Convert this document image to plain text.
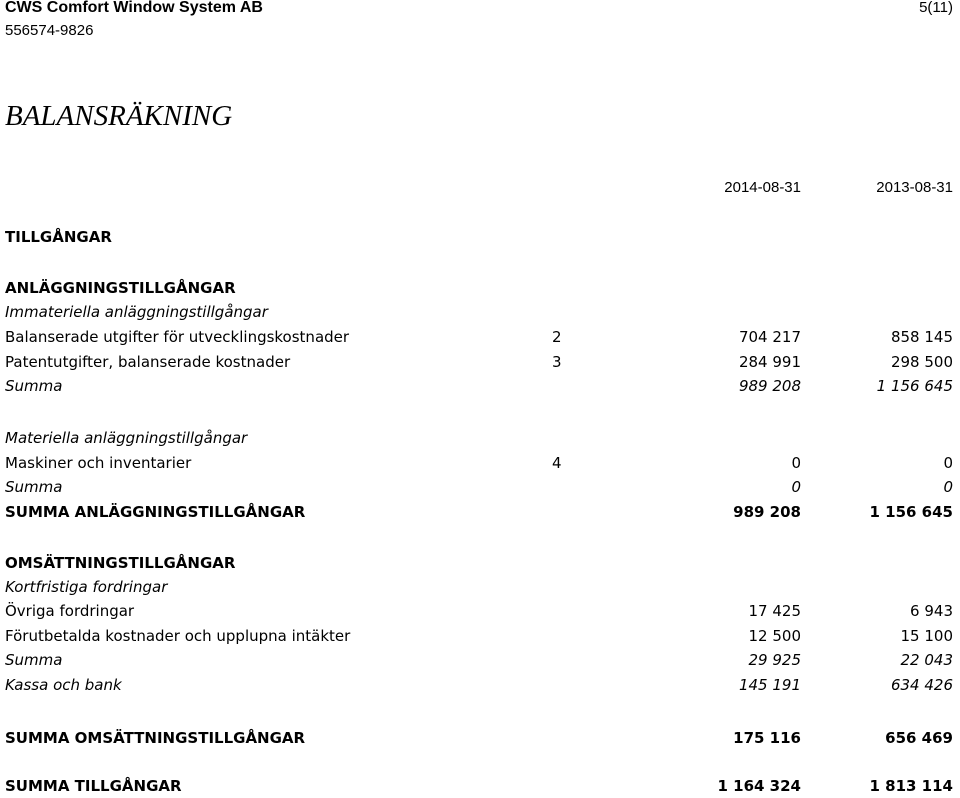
CWS Comfort Window System AB
556574-9826
5(11)
BALANSRÄKNING
2014-08-31	2013-08-31
TILLGÅNGAR
ANLÄGGNINGSTILLGÅNGAR
Immateriella anläggningstillgångar
Balanserade utgifter för utvecklingskostnader	2	704 217	858 145
Patentutgifter, balanserade kostnader	3	284 991	298 500
Summa	989 208	1 156 645
Materiella anläggningstillgångar
Maskiner och inventarier	4	0	0
Summa	0	0
SUMMA ANLÄGGNINGSTILLGÅNGAR	989 208	1 156 645
OMSÄTTNINGSTILLGÅNGAR
Kortfristiga fordringar
Övriga fordringar	17 425	6 943
Förutbetalda kostnader och upplupna intäkter	12 500	15 100
Summa	29 925	22 043
Kassa och bank	145 191	634 426
SUMMA OMSÄTTNINGSTILLGÅNGAR	175 116	656 469
SUMMA TILLGÅNGAR	1 164 324	1 813 114
